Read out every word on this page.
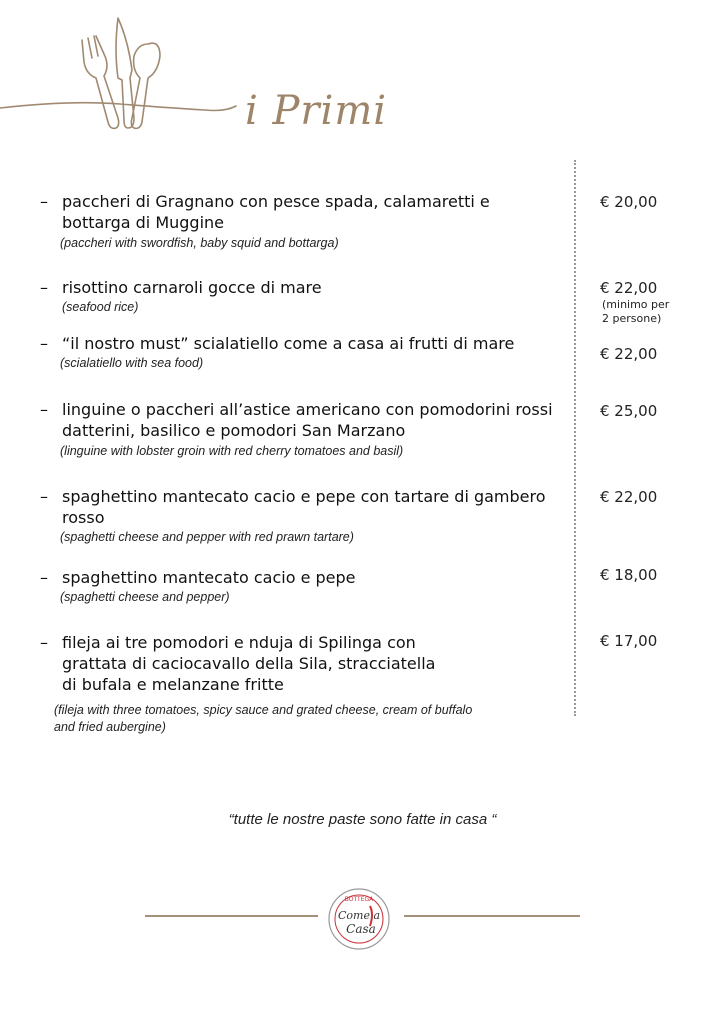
i Primi
– paccheri di Gragnano con pesce spada, calamaretti e bottarga di Muggine
(paccheri with swordfish, baby squid and bottarga)
€ 20,00
– risottino carnaroli gocce di mare
(seafood rice)
€ 22,00
(minimo per 2 persone)
– “il nostro must” scialatiello come a casa ai frutti di mare
(scialatiello with sea food)	€ 22,00
– linguine o paccheri all’astice americano con pomodorini rossi datterini, basilico e pomodori San Marzano
(linguine with lobster groin with red cherry tomatoes and basil)
€ 25,00
– spaghettino mantecato cacio e pepe con tartare di gambero rosso
(spaghetti cheese and pepper with red prawn tartare)
€ 22,00
– spaghettino mantecato cacio e pepe
(spaghetti cheese and pepper)
€ 18,00
– fileja ai tre pomodori e nduja di Spilinga con grattata di caciocavallo della Sila, stracciatella di bufala e melanzane fritte
(fileja with three tomatoes, spicy sauce and grated cheese, cream of buffalo and fried aubergine)
€ 17,00
“tutte le nostre paste sono fatte in casa “
BOTTEGA
Come a
Casa
